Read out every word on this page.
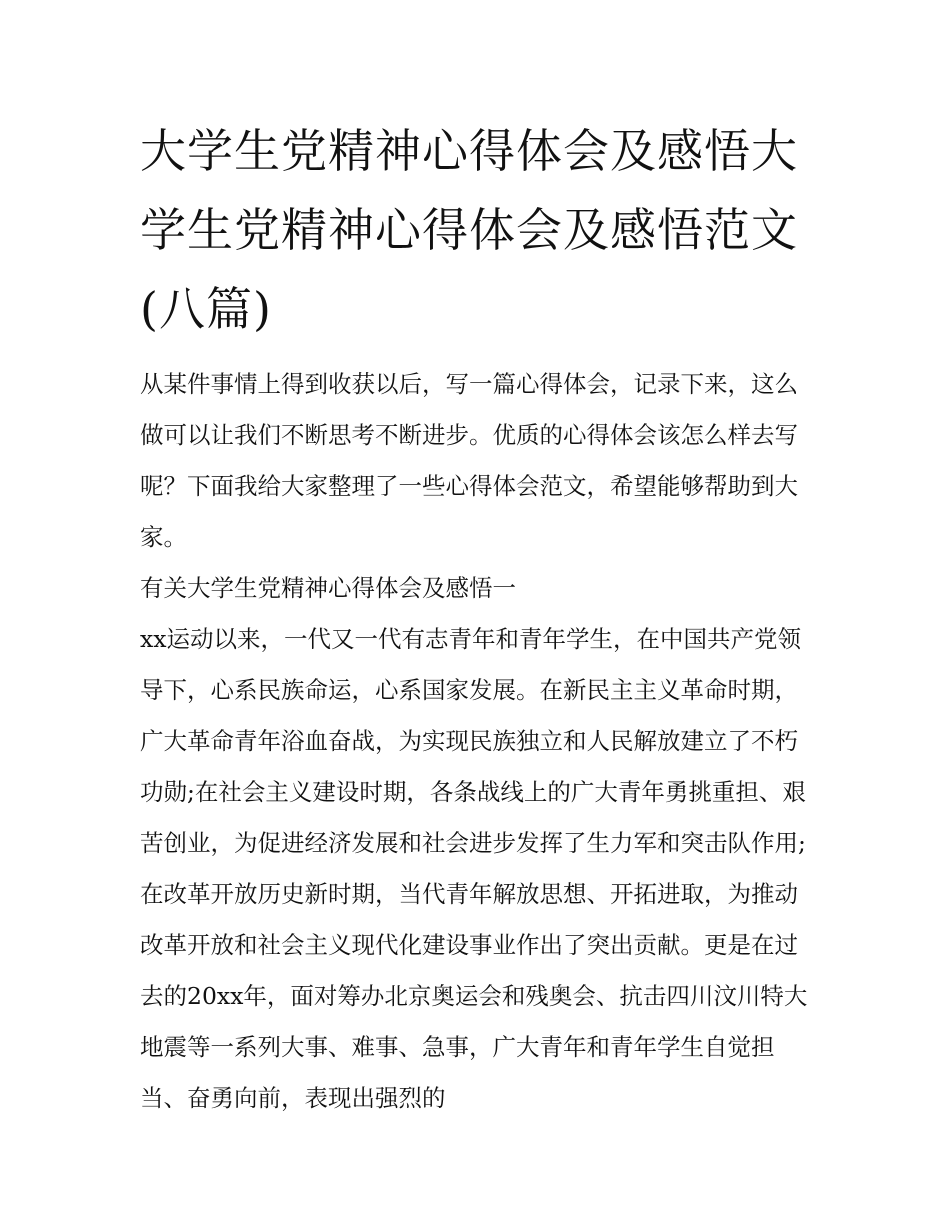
大学生党精神心得体会及感悟大学生党精神心得体会及感悟范文(八篇)

从某件事情上得到收获以后，写一篇心得体会，记录下来，这么做可以让我们不断思考不断进步。优质的心得体会该怎么样去写呢？下面我给大家整理了一些心得体会范文，希望能够帮助到大家。

有关大学生党精神心得体会及感悟一

xx运动以来，一代又一代有志青年和青年学生，在中国共产党领导下，心系民族命运，心系国家发展。在新民主主义革命时期，广大革命青年浴血奋战，为实现民族独立和人民解放建立了不朽功勋;在社会主义建设时期，各条战线上的广大青年勇挑重担、艰苦创业，为促进经济发展和社会进步发挥了生力军和突击队作用;在改革开放历史新时期，当代青年解放思想、开拓进取，为推动改革开放和社会主义现代化建设事业作出了突出贡献。更是在过去的20xx年，面对筹办北京奥运会和残奥会、抗击四川汶川特大地震等一系列大事、难事、急事，广大青年和青年学生自觉担当、奋勇向前，表现出强烈的
